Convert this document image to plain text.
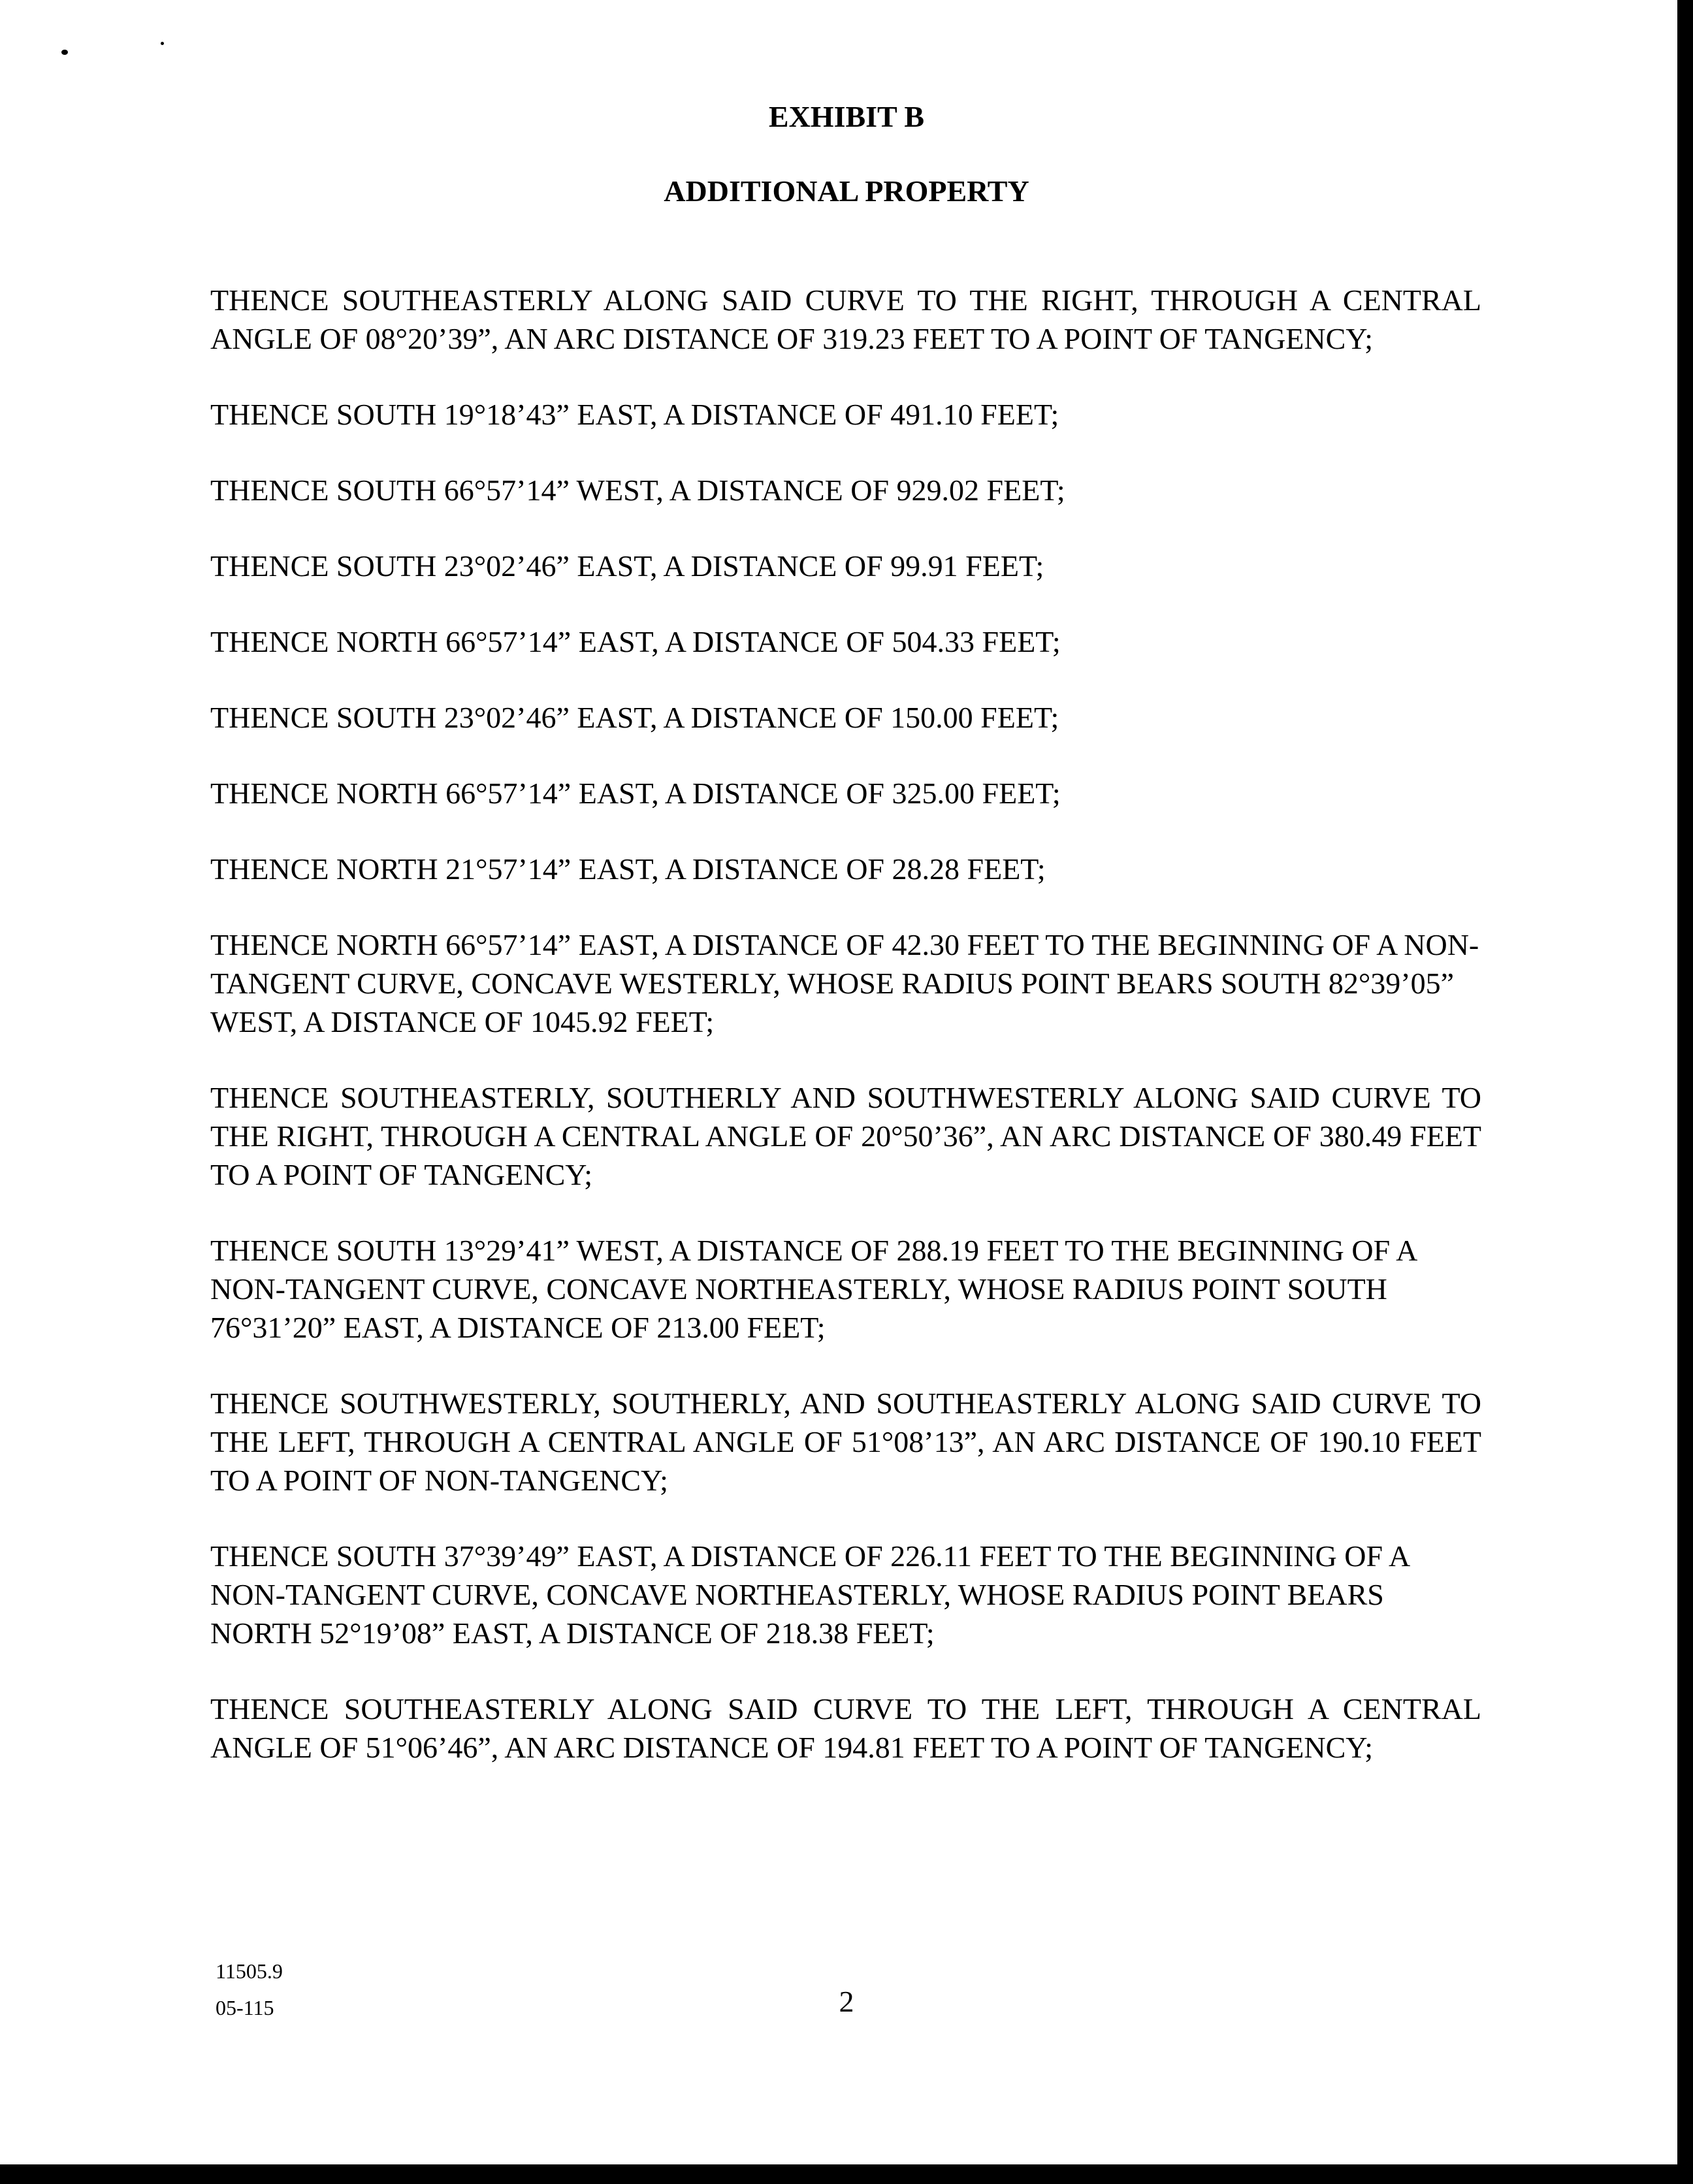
EXHIBIT B
ADDITIONAL PROPERTY

THENCE SOUTHEASTERLY ALONG SAID CURVE TO THE RIGHT, THROUGH A CENTRAL ANGLE OF 08°20’39”, AN ARC DISTANCE OF 319.23 FEET TO A POINT OF TANGENCY;

THENCE SOUTH 19°18’43” EAST, A DISTANCE OF 491.10 FEET;

THENCE SOUTH 66°57’14” WEST, A DISTANCE OF 929.02 FEET;

THENCE SOUTH 23°02’46” EAST, A DISTANCE OF 99.91 FEET;

THENCE NORTH 66°57’14” EAST, A DISTANCE OF 504.33 FEET;

THENCE SOUTH 23°02’46” EAST, A DISTANCE OF 150.00 FEET;

THENCE NORTH 66°57’14” EAST, A DISTANCE OF 325.00 FEET;

THENCE NORTH 21°57’14” EAST, A DISTANCE OF 28.28 FEET;

THENCE NORTH 66°57’14” EAST, A DISTANCE OF 42.30 FEET TO THE BEGINNING OF A NON-TANGENT CURVE, CONCAVE WESTERLY, WHOSE RADIUS POINT BEARS SOUTH 82°39’05” WEST, A DISTANCE OF 1045.92 FEET;

THENCE SOUTHEASTERLY, SOUTHERLY AND SOUTHWESTERLY ALONG SAID CURVE TO THE RIGHT, THROUGH A CENTRAL ANGLE OF 20°50’36”, AN ARC DISTANCE OF 380.49 FEET TO A POINT OF TANGENCY;

THENCE SOUTH 13°29’41” WEST, A DISTANCE OF 288.19 FEET TO THE BEGINNING OF A NON-TANGENT CURVE, CONCAVE NORTHEASTERLY, WHOSE RADIUS POINT SOUTH 76°31’20” EAST, A DISTANCE OF 213.00 FEET;

THENCE SOUTHWESTERLY, SOUTHERLY, AND SOUTHEASTERLY ALONG SAID CURVE TO THE LEFT, THROUGH A CENTRAL ANGLE OF 51°08’13”, AN ARC DISTANCE OF 190.10 FEET TO A POINT OF NON-TANGENCY;

THENCE SOUTH 37°39’49” EAST, A DISTANCE OF 226.11 FEET TO THE BEGINNING OF A NON-TANGENT CURVE, CONCAVE NORTHEASTERLY, WHOSE RADIUS POINT BEARS NORTH 52°19’08” EAST, A DISTANCE OF 218.38 FEET;

THENCE SOUTHEASTERLY ALONG SAID CURVE TO THE LEFT, THROUGH A CENTRAL ANGLE OF 51°06’46”, AN ARC DISTANCE OF 194.81 FEET TO A POINT OF TANGENCY;

11505.9
05-115	2
